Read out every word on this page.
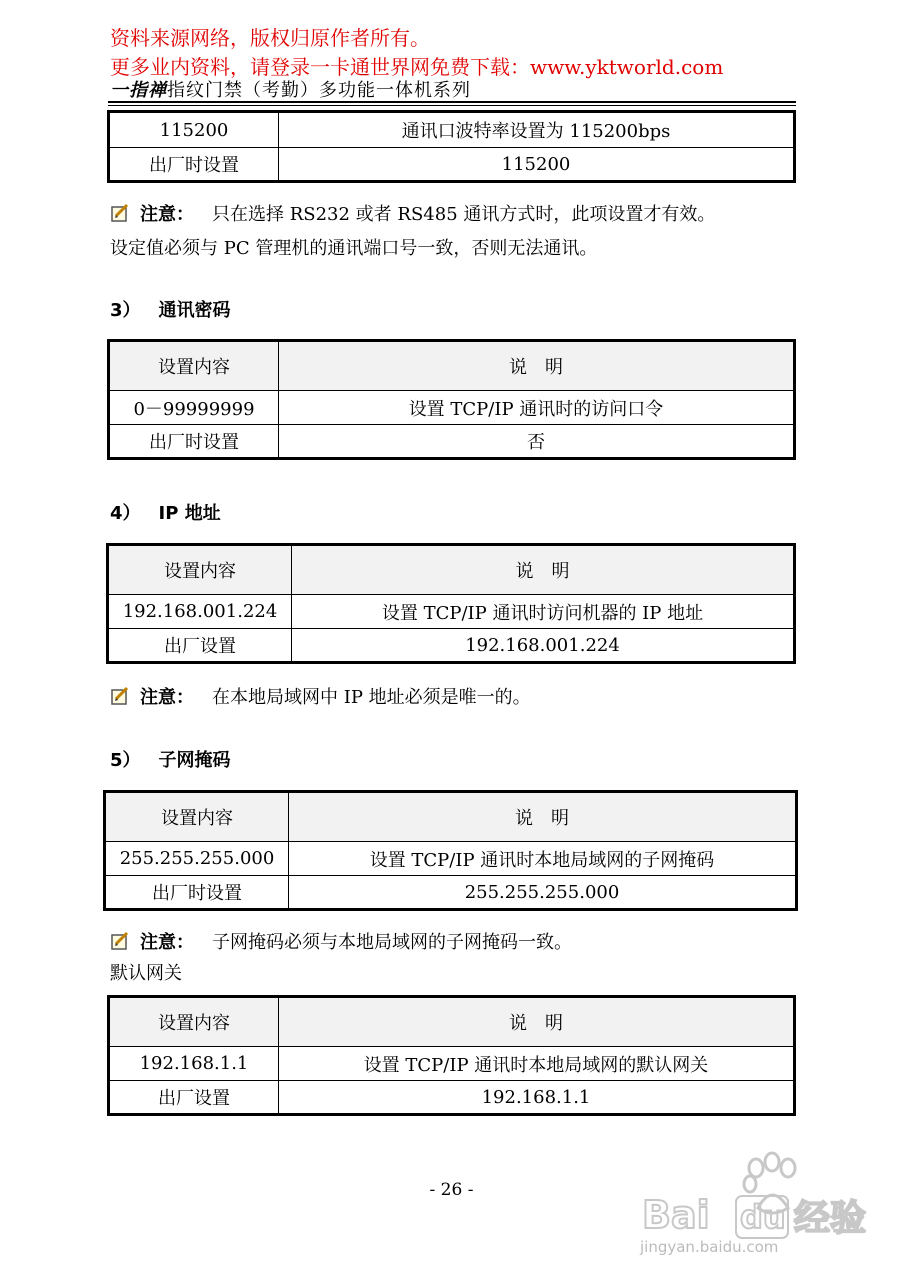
资料来源网络，版权归原作者所有。
更多业内资料，请登录一卡通世界网免费下载：www.yktworld.com
一指禅指纹门禁（考勤）多功能一体机系列
115200	通讯口波特率设置为 115200bps
出厂时设置	115200
注意： 只在选择 RS232 或者 RS485 通讯方式时，此项设置才有效。
设定值必须与 PC 管理机的通讯端口号一致，否则无法通讯。
3） 通讯密码
设置内容	说　明
0－99999999	设置 TCP/IP 通讯时的访问口令
出厂时设置	否
4） IP 地址
设置内容	说　明
192.168.001.224	设置 TCP/IP 通讯时访问机器的 IP 地址
出厂设置	192.168.001.224
注意： 在本地局域网中 IP 地址必须是唯一的。
5） 子网掩码
设置内容	说　明
255.255.255.000	设置 TCP/IP 通讯时本地局域网的子网掩码
出厂时设置	255.255.255.000
注意： 子网掩码必须与本地局域网的子网掩码一致。
默认网关
设置内容	说　明
192.168.1.1	设置 TCP/IP 通讯时本地局域网的默认网关
出厂设置	192.168.1.1
- 26 -
Bai du 经验
jingyan.baidu.com
